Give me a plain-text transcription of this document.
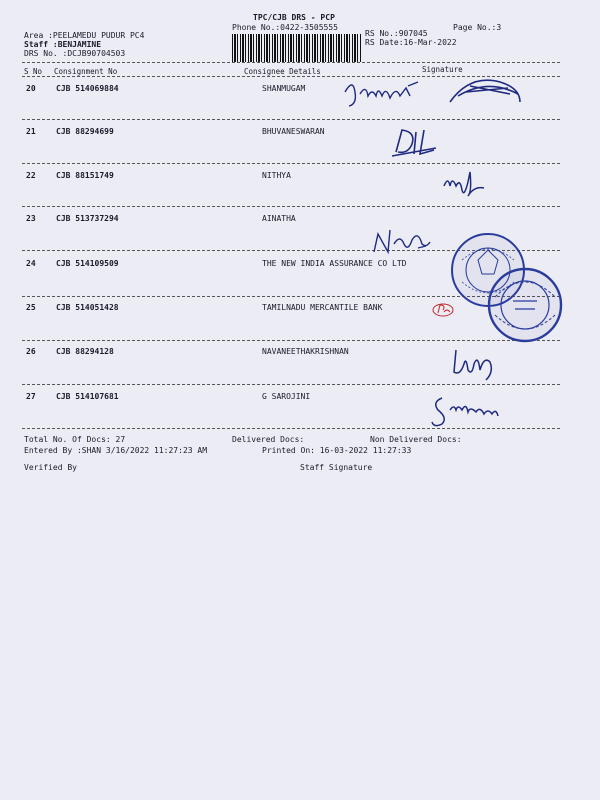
TPC/CJB DRS - PCP
Phone No.:0422-3505555	Page No.:3
Area :PEELAMEDU PUDUR PC4
Staff :BENJAMINE
DRS No. :DCJB90704503
RS No.:907045
RS Date:16-Mar-2022
S No Consignment No	Consignee Details	Signature
20	CJB 514069884	SHANMUGAM
21	CJB 88294699	BHUVANESWARAN
22	CJB 88151749	NITHYA
23	CJB 513737294	AINATHA
24	CJB 514109509	THE NEW INDIA ASSURANCE CO LTD
25	CJB 514051428	TAMILNADU MERCANTILE BANK
26	CJB 88294128	NAVANEETHAKRISHNAN
27	CJB 514107681	G SAROJINI
Total No. Of Docs: 27	Delivered Docs:	Non Delivered Docs:
Entered By :SHAN 3/16/2022 11:27:23 AM	Printed On: 16-03-2022 11:27:33
Verified By	Staff Signature
